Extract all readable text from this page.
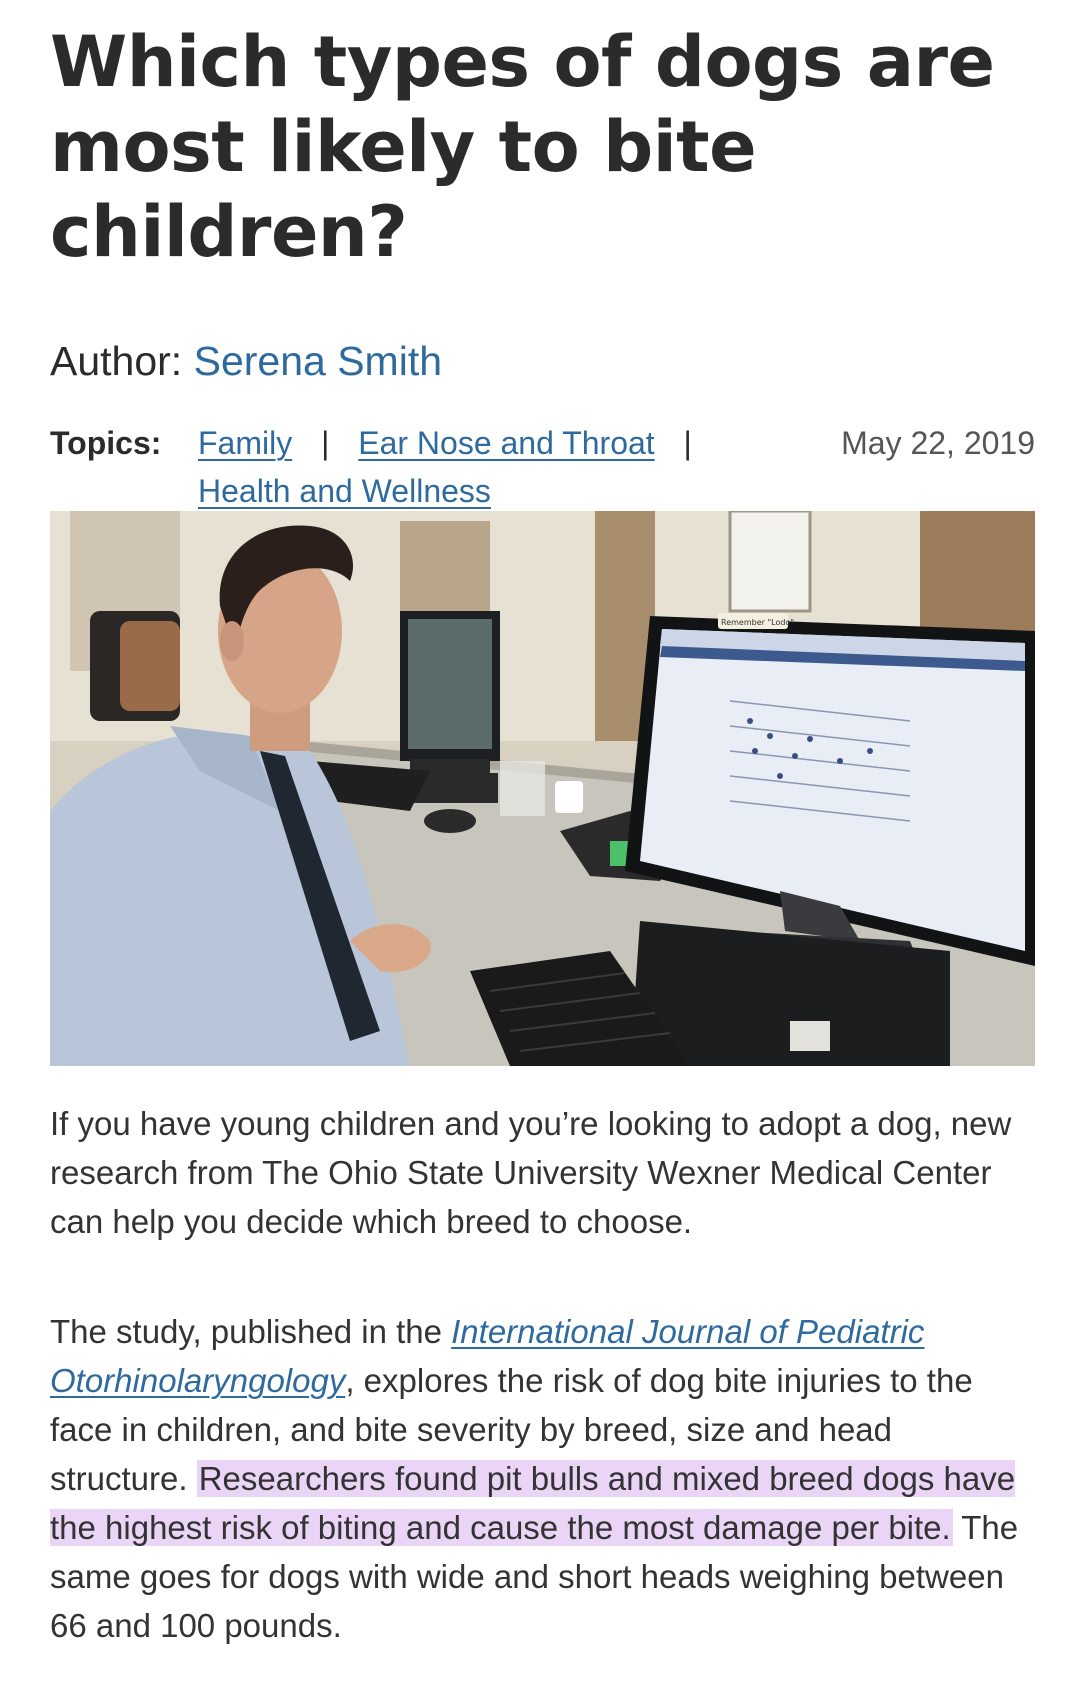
Which types of dogs are most likely to bite children?
Author: Serena Smith
Topics: Family | Ear Nose and Throat |
Health and Wellness
May 22, 2019
Remember "Lodo"

If you have young children and you’re looking to adopt a dog, new research from The Ohio State University Wexner Medical Center can help you decide which breed to choose.

The study, published in the International Journal of Pediatric Otorhinolaryngology, explores the risk of dog bite injuries to the face in children, and bite severity by breed, size and head structure. Researchers found pit bulls and mixed breed dogs have the highest risk of biting and cause the most damage per bite. The same goes for dogs with wide and short heads weighing between 66 and 100 pounds.
